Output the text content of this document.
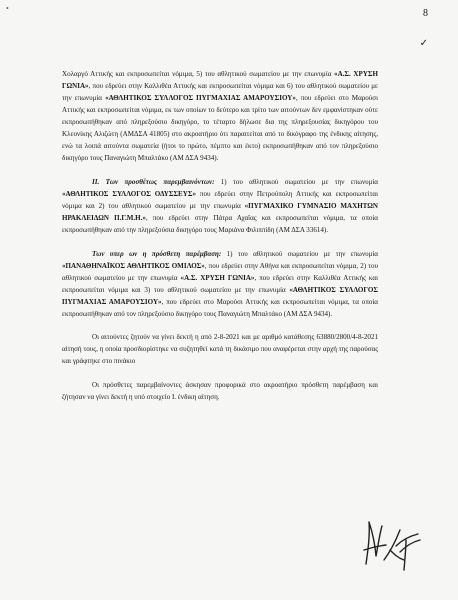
•	8
✓

Χολαργό Αττικής και εκπροσωπείται νόμιμα, 5) του αθλητικού σωματείου με την επωνυμία «Α.Σ. ΧΡΥΣΗ ΓΩΝΙΑ», που εδρεύει στην Καλλιθέα Αττικής και εκπροσωπείται νόμιμα και 6) του αθλητικού σωματείου με την επωνυμία «ΑΘΛΗΤΙΚΟΣ ΣΥΛΛΟΓΟΣ ΠΥΓΜΑΧΙΑΣ ΑΜΑΡΟΥΣΙΟΥ», που εδρεύει στο Μαρούσι Αττικής και εκπροσωπείται νόμιμα, εκ των οποίων το δεύτερο και τρίτο των αιτούντων δεν εμφανίστηκαν ούτε εκπροσωπήθηκαν από πληρεξούσιο δικηγόρο, το τέταρτο δήλωσε δια της πληρεξουσίας δικηγόρου του Κλεονίκης Αλιζώτη (ΑΜΔΣΑ 41805) στο ακροατήριο ότι παραιτείται από το δικόγραφο της ένδικης αίτησης, ενώ τα λοιπά αιτούντα σωματεία (ήτοι το πρώτο, πέμπτο και έκτο) εκπροσωπήθηκαν από τον πληρεξούσιο δικηγόρο τους Παναγιώτη Μπαλτάκο (ΑΜ ΔΣΑ 9434).

ΙΙ. Των προσθέτως παρεμβαινόντων: 1) του αθλητικού σωματείου με την επωνυμία «ΑΘΛΗΤΙΚΟΣ ΣΥΛΛΟΓΟΣ ΟΔΥΣΣΕΥΣ» που εδρεύει στην Πετρούπολη Αττικής και εκπροσωπείται νόμιμα και 2) του αθλητικού σωματείου με την επωνυμία «ΠΥΓΜΑΧΙΚΟ ΓΥΜΝΑΣΙΟ ΜΑΧΗΤΩΝ ΗΡΑΚΛΕΙΔΩΝ Π.Γ.Μ.Η.», που εδρεύει στην Πάτρα Αχαΐας και εκπροσωπείται νόμιμα, τα οποία εκπροσωπήθηκαν από την πληρεξούσια δικηγόρο τους Μαριάνα Φιλιππίδη (ΑΜ ΔΣΑ 33614).

Των υπερ ων η πρόσθετη παρέμβαση: 1) του αθλητικού σωματείου με την επωνυμία «ΠΑΝΑΘΗΝΑΪΚΟΣ ΑΘΛΗΤΙΚΟΣ ΟΜΙΛΟΣ», που εδρεύει στην Αθήνα και εκπροσωπείται νόμιμα, 2) του αθλητικού σωματείου με την επωνυμία «Α.Σ. ΧΡΥΣΗ ΓΩΝΙΑ», που εδρεύει στην Καλλιθέα Αττικής και εκπροσωπείται νόμιμα και 3) του αθλητικού σωματείου με την επωνυμία «ΑΘΛΗΤΙΚΟΣ ΣΥΛΛΟΓΟΣ ΠΥΓΜΑΧΙΑΣ ΑΜΑΡΟΥΣΙΟΥ», που εδρεύει στο Μαρούσι Αττικής και εκπροσωπείται νόμιμα, τα οποία εκπροσωπήθηκαν από τον πληρεξούσιο δικηγόρο τους Παναγιώτη Μπαλτάκο (ΑΜ ΔΣΑ 9434).

Οι αιτούντες ζητούν να γίνει δεκτή η από 2-8-2021 και με αριθμό κατάθεσης 63880/2800/4-8-2021 αίτησή τους, η οποία προσδιορίστηκε να συζητηθεί κατά τη δικάσιμο που αναφέρεται στην αρχή της παρούσας και γράφτηκε στο πινάκιο

Οι πρόσθετες παρεμβαίνοντες άσκησαν προφορικά στο ακροατήριο πρόσθετη παρέμβαση και ζήτησαν να γίνει δεκτή η υπό στοιχείο Ι. ένδικη αίτηση.
